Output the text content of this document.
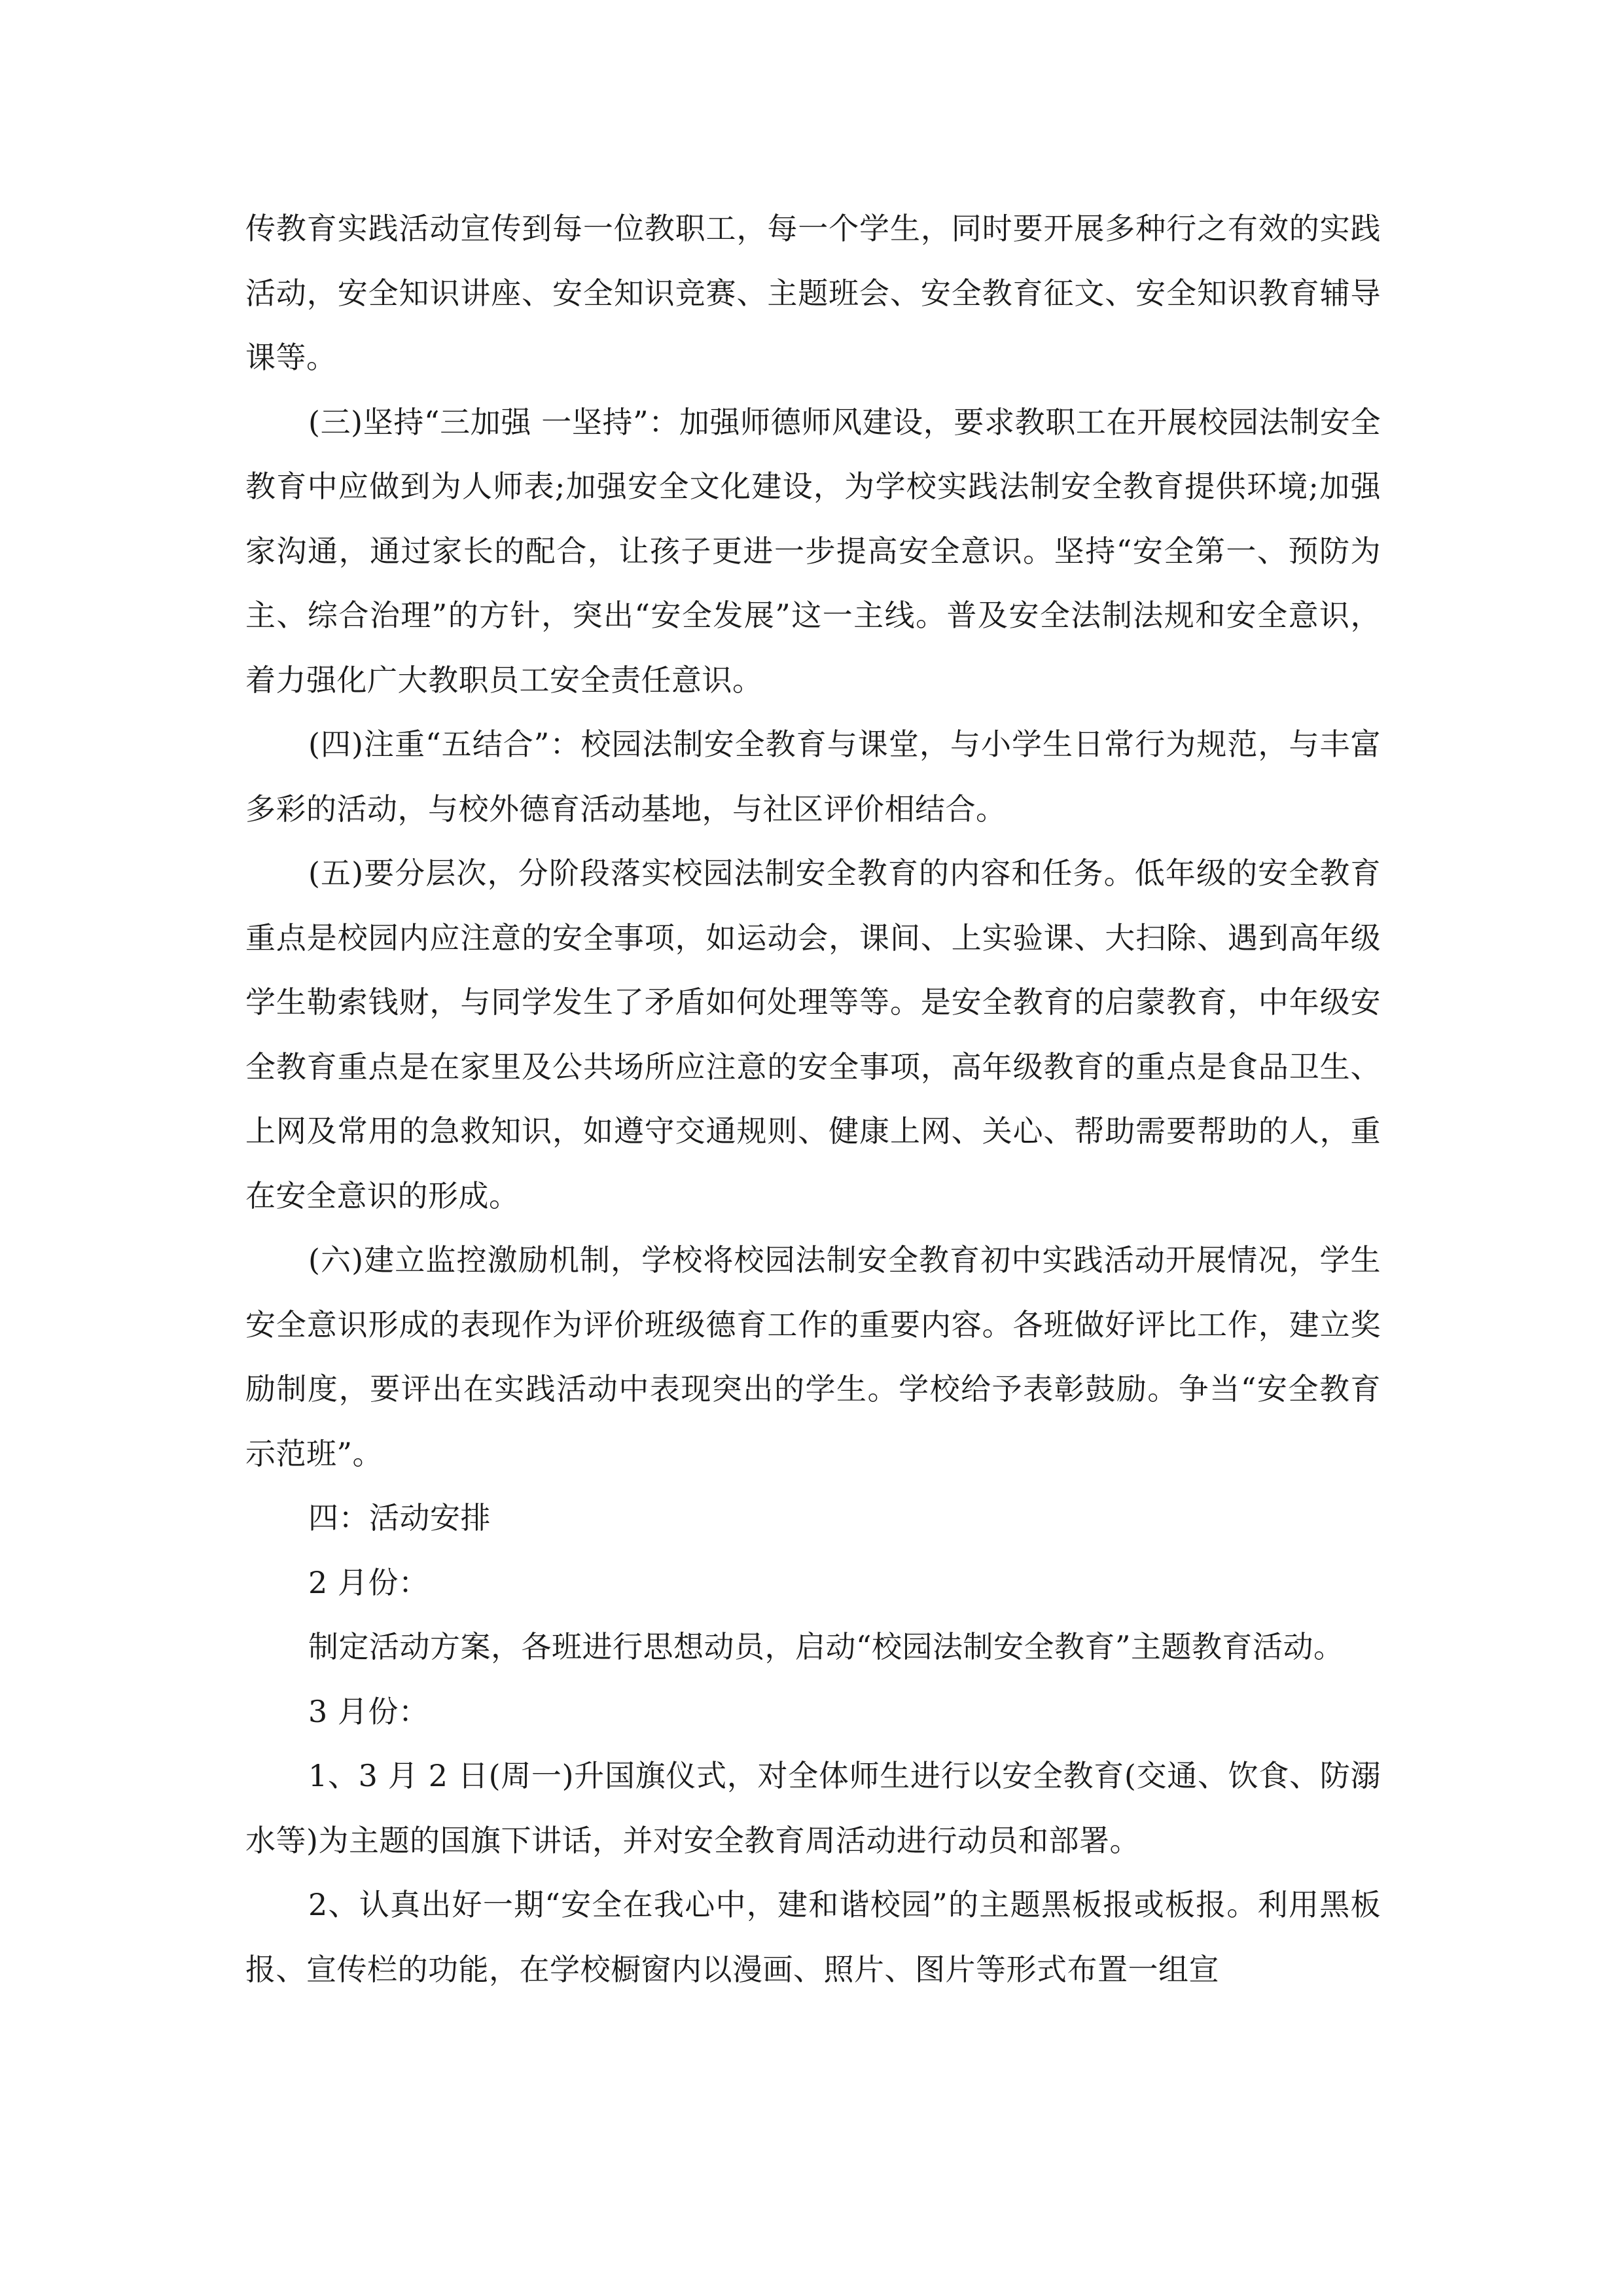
传教育实践活动宣传到每一位教职工，每一个学生，同时要开展多种行之有效的实践活动，安全知识讲座、安全知识竞赛、主题班会、安全教育征文、安全知识教育辅导课等。

(三)坚持“三加强 一坚持”：加强师德师风建设，要求教职工在开展校园法制安全教育中应做到为人师表;加强安全文化建设，为学校实践法制安全教育提供环境;加强家沟通，通过家长的配合，让孩子更进一步提高安全意识。坚持“安全第一、预防为主、综合治理”的方针，突出“安全发展”这一主线。普及安全法制法规和安全意识，着力强化广大教职员工安全责任意识。

(四)注重“五结合”：校园法制安全教育与课堂，与小学生日常行为规范，与丰富多彩的活动，与校外德育活动基地，与社区评价相结合。

(五)要分层次，分阶段落实校园法制安全教育的内容和任务。低年级的安全教育重点是校园内应注意的安全事项，如运动会，课间、上实验课、大扫除、遇到高年级学生勒索钱财，与同学发生了矛盾如何处理等等。是安全教育的启蒙教育，中年级安全教育重点是在家里及公共场所应注意的安全事项，高年级教育的重点是食品卫生、上网及常用的急救知识，如遵守交通规则、健康上网、关心、帮助需要帮助的人，重在安全意识的形成。

(六)建立监控激励机制，学校将校园法制安全教育初中实践活动开展情况，学生安全意识形成的表现作为评价班级德育工作的重要内容。各班做好评比工作，建立奖励制度，要评出在实践活动中表现突出的学生。学校给予表彰鼓励。争当“安全教育示范班”。

四：活动安排

2 月份：

制定活动方案，各班进行思想动员，启动“校园法制安全教育”主题教育活动。

3 月份：

1、3 月 2 日(周一)升国旗仪式，对全体师生进行以安全教育(交通、饮食、防溺水等)为主题的国旗下讲话，并对安全教育周活动进行动员和部署。

2、认真出好一期“安全在我心中，建和谐校园”的主题黑板报或板报。利用黑板报、宣传栏的功能，在学校橱窗内以漫画、照片、图片等形式布置一组宣
